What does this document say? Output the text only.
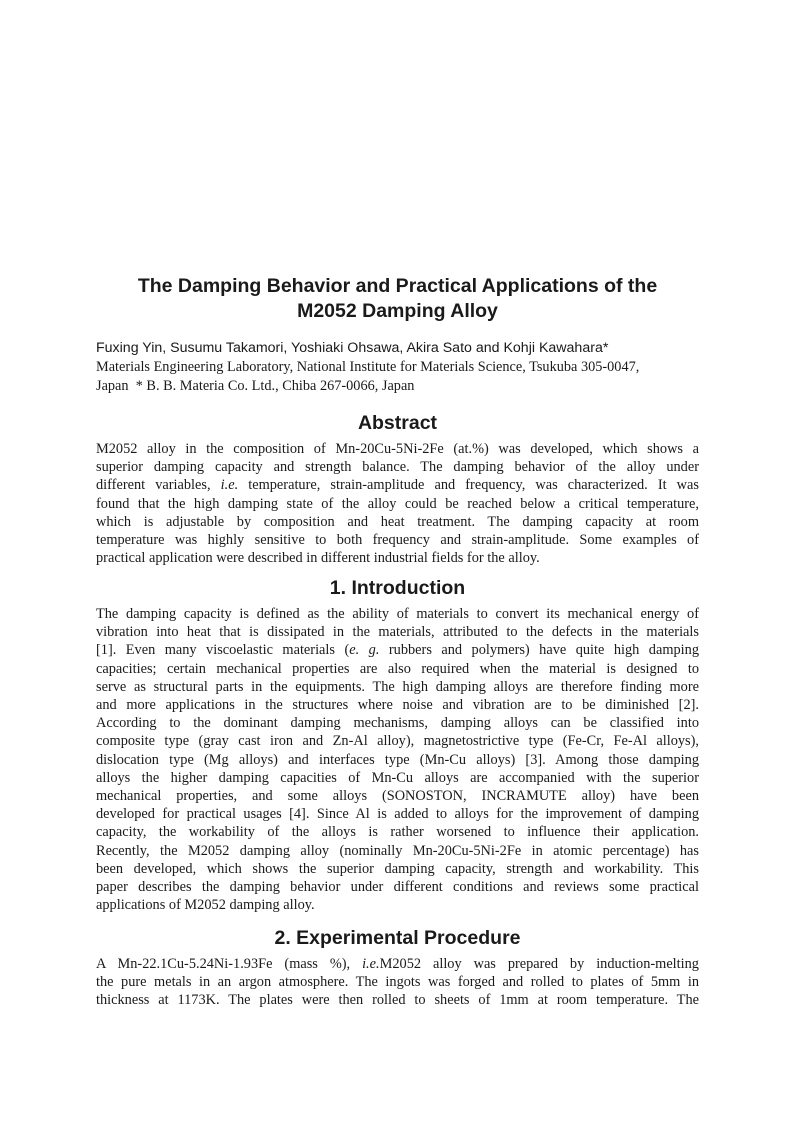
The Damping Behavior and Practical Applications of the
M2052 Damping Alloy

Fuxing Yin, Susumu Takamori, Yoshiaki Ohsawa, Akira Sato and Kohji Kawahara*

Materials Engineering Laboratory, National Institute for Materials Science, Tsukuba 305-0047,
Japan  * B. B. Materia Co. Ltd., Chiba 267-0066, Japan

Abstract
M2052 alloy in the composition of Mn-20Cu-5Ni-2Fe (at.%) was developed, which shows a
superior damping capacity and strength balance. The damping behavior of the alloy under
different variables, i.e. temperature, strain-amplitude and frequency, was characterized. It was
found that the high damping state of the alloy could be reached below a critical temperature,
which is adjustable by composition and heat treatment. The damping capacity at room
temperature was highly sensitive to both frequency and strain-amplitude. Some examples of
practical application were described in different industrial fields for the alloy.
1. Introduction
The damping capacity is defined as the ability of materials to convert its mechanical energy of
vibration into heat that is dissipated in the materials, attributed to the defects in the materials
[1]. Even many viscoelastic materials (e. g. rubbers and polymers) have quite high damping
capacities; certain mechanical properties are also required when the material is designed to
serve as structural parts in the equipments. The high damping alloys are therefore finding more
and more applications in the structures where noise and vibration are to be diminished [2].
According to the dominant damping mechanisms, damping alloys can be classified into
composite type (gray cast iron and Zn-Al alloy), magnetostrictive type (Fe-Cr, Fe-Al alloys),
dislocation type (Mg alloys) and interfaces type (Mn-Cu alloys) [3]. Among those damping
alloys the higher damping capacities of Mn-Cu alloys are accompanied with the superior
mechanical properties, and some alloys (SONOSTON, INCRAMUTE alloy) have been
developed for practical usages [4]. Since Al is added to alloys for the improvement of damping
capacity, the workability of the alloys is rather worsened to influence their application.
Recently, the M2052 damping alloy (nominally Mn-20Cu-5Ni-2Fe in atomic percentage) has
been developed, which shows the superior damping capacity, strength and workability. This
paper describes the damping behavior under different conditions and reviews some practical
applications of M2052 damping alloy.
2. Experimental Procedure
A Mn-22.1Cu-5.24Ni-1.93Fe (mass %), i.e.M2052 alloy was prepared by induction-melting
the pure metals in an argon atmosphere. The ingots was forged and rolled to plates of 5mm in
thickness at 1173K. The plates were then rolled to sheets of 1mm at room temperature. The
